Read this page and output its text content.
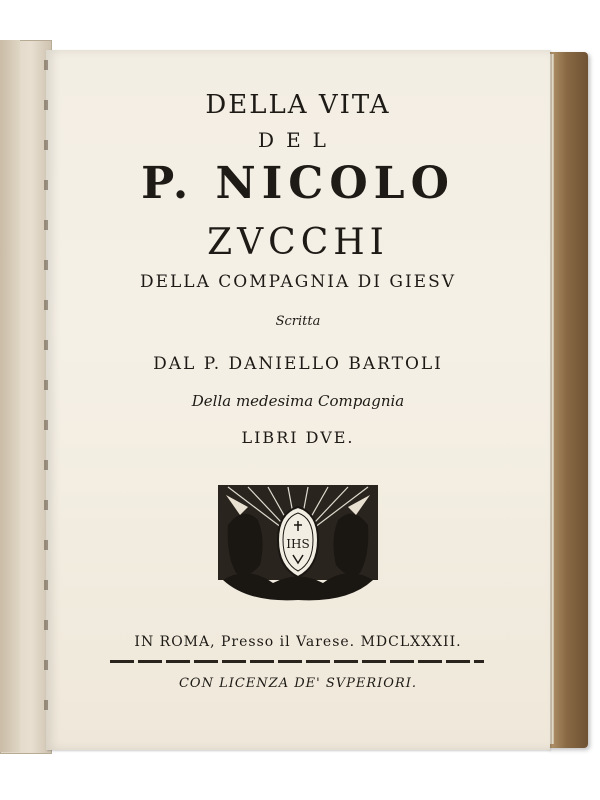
DELLA VITA

DEL

P. NICOLO

ZVCCHI

DELLA COMPAGNIA DI GIESV

Scritta

DAL P. DANIELLO BARTOLI

Della medesima Compagnia

LIBRI DVE.

IHS

IN ROMA, Presso il Varese. MDCLXXXII.

CON LICENZA DE' SVPERIORI.
